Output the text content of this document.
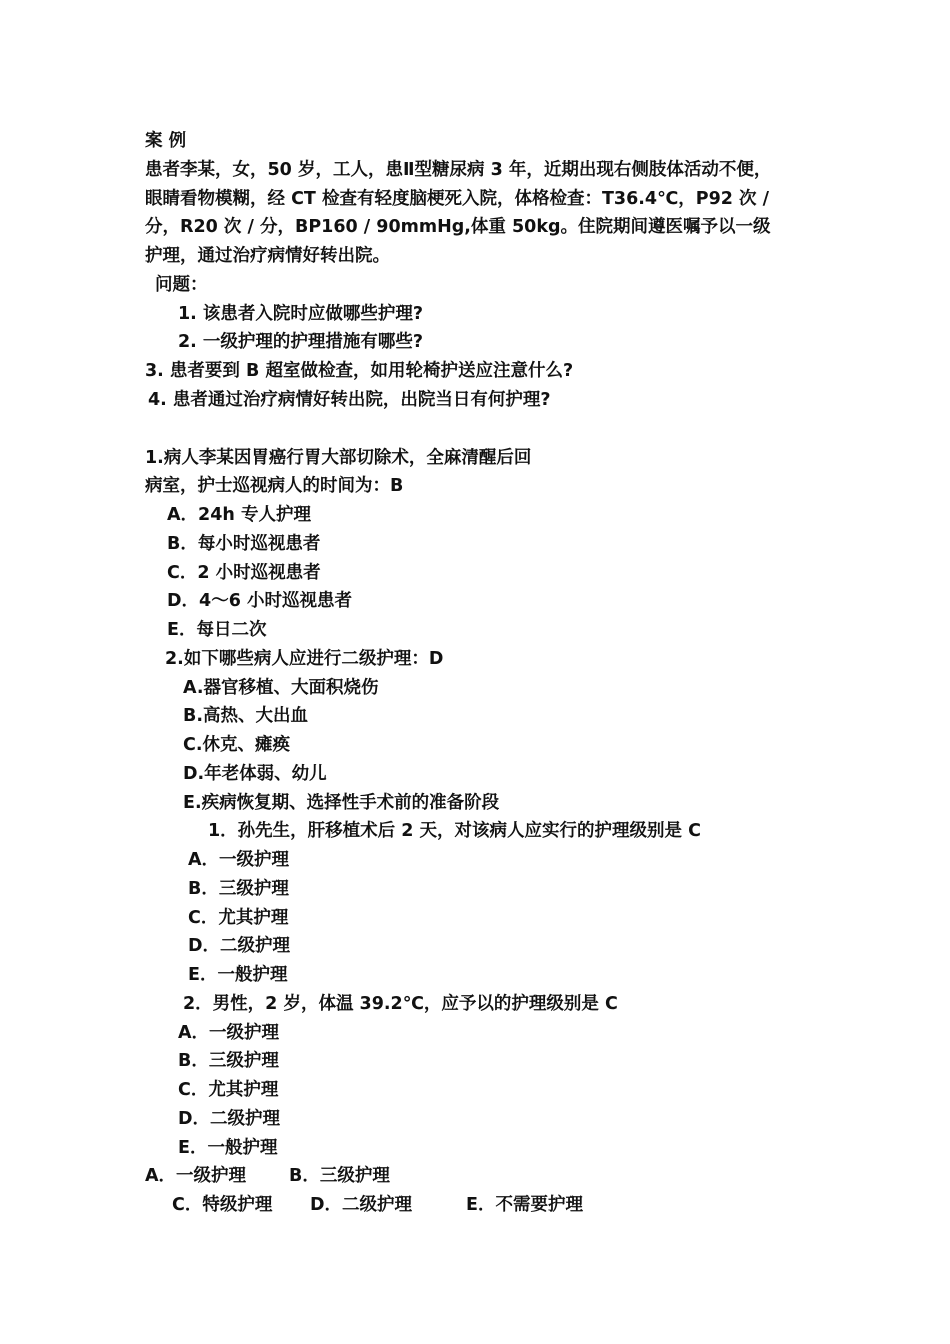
案 例
患者李某，女，50 岁，工人，患Ⅱ型糖尿病 3 年，近期出现右侧肢体活动不便，
眼睛看物模糊，经 CT 检查有轻度脑梗死入院，体格检查：T36.4℃，P92 次 /
分，R20 次 / 分，BP160 / 90mmHg,体重 50kg。住院期间遵医嘱予以一级
护理，通过治疗病情好转出院。
问题：
1. 该患者入院时应做哪些护理?
2. 一级护理的护理措施有哪些?
3. 患者要到 B 超室做检查，如用轮椅护送应注意什么?
4. 患者通过治疗病情好转出院，出院当日有何护理?
1.病人李某因胃癌行胃大部切除术，全麻清醒后回
病室，护士巡视病人的时间为：B
A．24h 专人护理
B．每小时巡视患者
C．2 小时巡视患者
D．4～6 小时巡视患者
E．每日二次
2.如下哪些病人应进行二级护理：D
A.器官移植、大面积烧伤
B.高热、大出血
C.休克、瘫痪
D.年老体弱、幼儿
E.疾病恢复期、选择性手术前的准备阶段
1．孙先生，肝移植术后 2 天，对该病人应实行的护理级别是 C
A．一级护理
B．三级护理
C．尤其护理
D．二级护理
E．一般护理
2．男性，2 岁，体温 39.2℃，应予以的护理级别是 C
A．一级护理
B．三级护理
C．尤其护理
D．二级护理
E．一般护理

A．一级护理

B．三级护理

C．特级护理

D．二级护理

	E．不需要护理
